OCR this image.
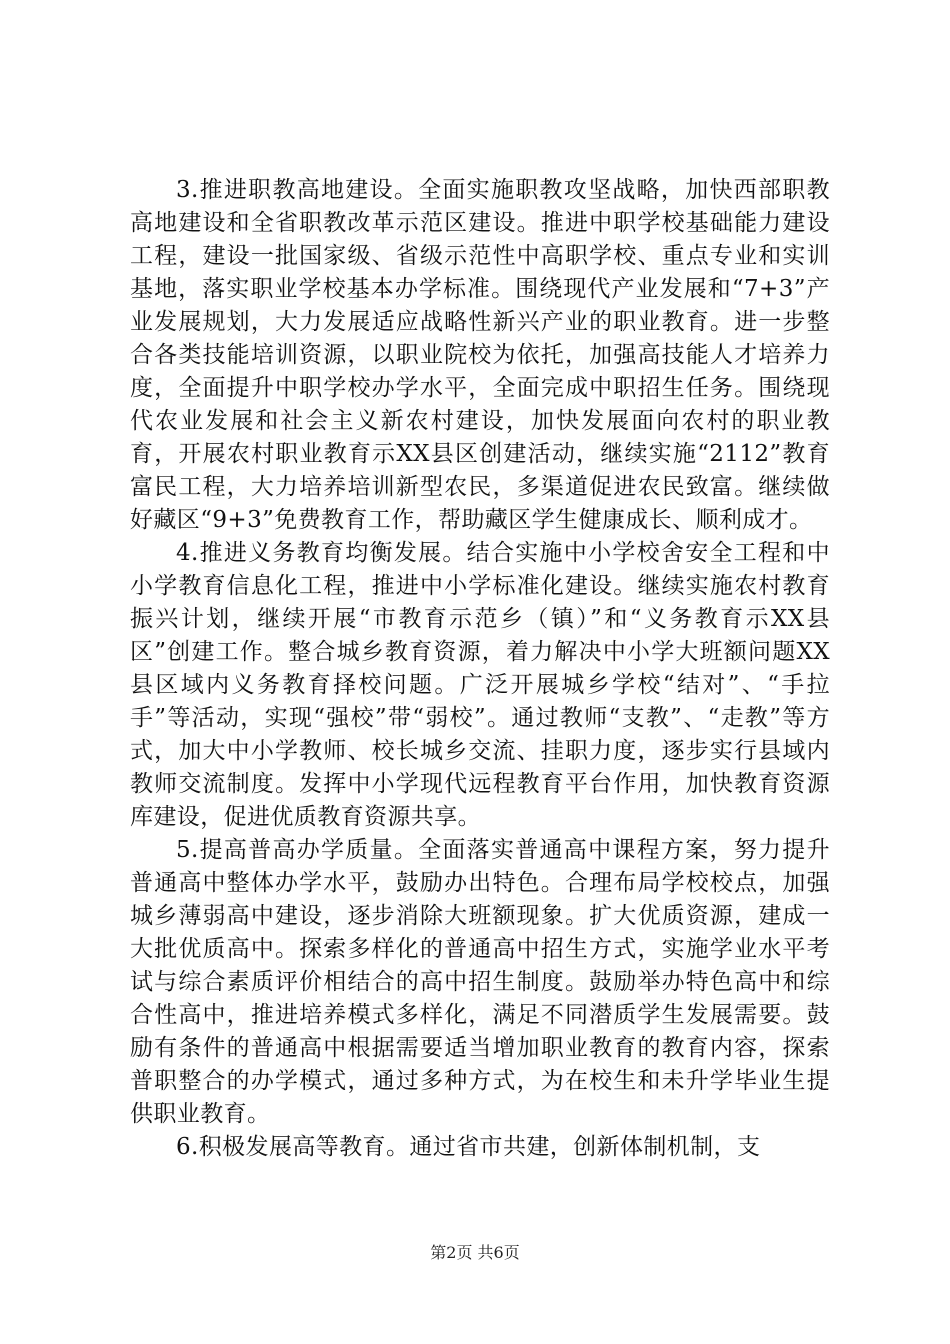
3.推进职教高地建设。全面实施职教攻坚战略，加快西部职教高地建设和全省职教改革示范区建设。推进中职学校基础能力建设工程，建设一批国家级、省级示范性中高职学校、重点专业和实训基地，落实职业学校基本办学标准。围绕现代产业发展和“7+3”产业发展规划，大力发展适应战略性新兴产业的职业教育。进一步整合各类技能培训资源，以职业院校为依托，加强高技能人才培养力度，全面提升中职学校办学水平，全面完成中职招生任务。围绕现代农业发展和社会主义新农村建设，加快发展面向农村的职业教育，开展农村职业教育示XX县区创建活动，继续实施“2112”教育富民工程，大力培养培训新型农民，多渠道促进农民致富。继续做好藏区“9+3”免费教育工作，帮助藏区学生健康成长、顺利成才。

4.推进义务教育均衡发展。结合实施中小学校舍安全工程和中小学教育信息化工程，推进中小学标准化建设。继续实施农村教育振兴计划，继续开展“市教育示范乡（镇）”和“义务教育示XX县区”创建工作。整合城乡教育资源，着力解决中小学大班额问题XX县区域内义务教育择校问题。广泛开展城乡学校“结对”、“手拉手”等活动，实现“强校”带“弱校”。通过教师“支教”、“走教”等方式，加大中小学教师、校长城乡交流、挂职力度，逐步实行县域内教师交流制度。发挥中小学现代远程教育平台作用，加快教育资源库建设，促进优质教育资源共享。

5.提高普高办学质量。全面落实普通高中课程方案，努力提升普通高中整体办学水平，鼓励办出特色。合理布局学校校点，加强城乡薄弱高中建设，逐步消除大班额现象。扩大优质资源，建成一大批优质高中。探索多样化的普通高中招生方式，实施学业水平考试与综合素质评价相结合的高中招生制度。鼓励举办特色高中和综合性高中，推进培养模式多样化，满足不同潜质学生发展需要。鼓励有条件的普通高中根据需要适当增加职业教育的教育内容，探索普职整合的办学模式，通过多种方式，为在校生和未升学毕业生提供职业教育。

6.积极发展高等教育。通过省市共建，创新体制机制，支

第2页 共6页
